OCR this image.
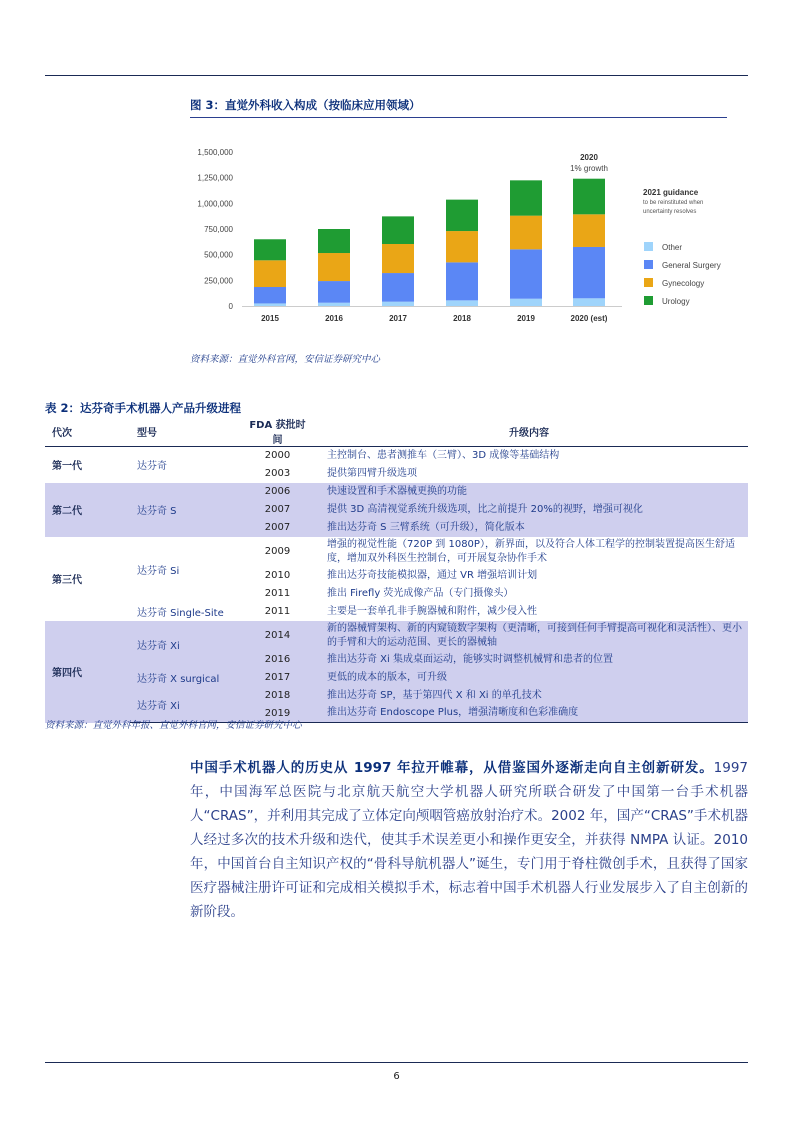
图 3：直觉外科收入构成（按临床应用领域）
0
250,000
500,000
750,000
1,000,000
1,250,000
1,500,000
2015	2016	2017	2018	2019	2020 (est)
2020
1% growth
2021 guidance
to be reinstituted when
uncertainty resolves
Other
General Surgery
Gynecology
Urology
资料来源：直觉外科官网，安信证券研究中心
表 2：达芬奇手术机器人产品升级进程
代次	型号	FDA 获批时间	升级内容
第一代	达芬奇	2000	主控制台、患者测推车（三臂）、3D 成像等基础结构
		2003	提供第四臂升级选项
第二代	达芬奇 S	2006	快速设置和手术器械更换的功能
		2007	提供 3D 高清视觉系统升级选项，比之前提升 20%的视野，增强可视化
		2007	推出达芬奇 S 三臂系统（可升级），简化版本
第三代	达芬奇 Si	2009	增强的视觉性能（720P 到 1080P），新界面，以及符合人体工程学的控制装置提高医生舒适度，增加双外科医生控制台，可开展复杂协作手术
		2010	推出达芬奇技能模拟器，通过 VR 增强培训计划
		2011	推出 Firefly 荧光成像产品（专门摄像头）
	达芬奇 Single-Site	2011	主要是一套单孔非手腕器械和附件，减少侵入性
第四代	达芬奇 Xi	2014	新的器械臂架构、新的内窥镜数字架构（更清晰，可接到任何手臂提高可视化和灵活性）、更小的手臂和大的运动范围、更长的器械轴
		2016	推出达芬奇 Xi 集成桌面运动，能够实时调整机械臂和患者的位置
	达芬奇 X surgical	2017	更低的成本的版本，可升级
	达芬奇 Xi	2018	推出达芬奇 SP，基于第四代 X 和 Xi 的单孔技术
		2019	推出达芬奇 Endoscope Plus，增强清晰度和色彩准确度
资料来源：直觉外科年报、直觉外科官网，安信证券研究中心
中国手术机器人的历史从 1997 年拉开帷幕，从借鉴国外逐渐走向自主创新研发。1997 年，中国海军总医院与北京航天航空大学机器人研究所联合研发了中国第一台手术机器人“CRAS”，并利用其完成了立体定向颅咽管癌放射治疗术。2002 年，国产“CRAS”手术机器人经过多次的技术升级和迭代，使其手术误差更小和操作更安全，并获得 NMPA 认证。2010 年，中国首台自主知识产权的“骨科导航机器人”诞生，专门用于脊柱微创手术，且获得了国家医疗器械注册许可证和完成相关模拟手术，标志着中国手术机器人行业发展步入了自主创新的新阶段。
6
